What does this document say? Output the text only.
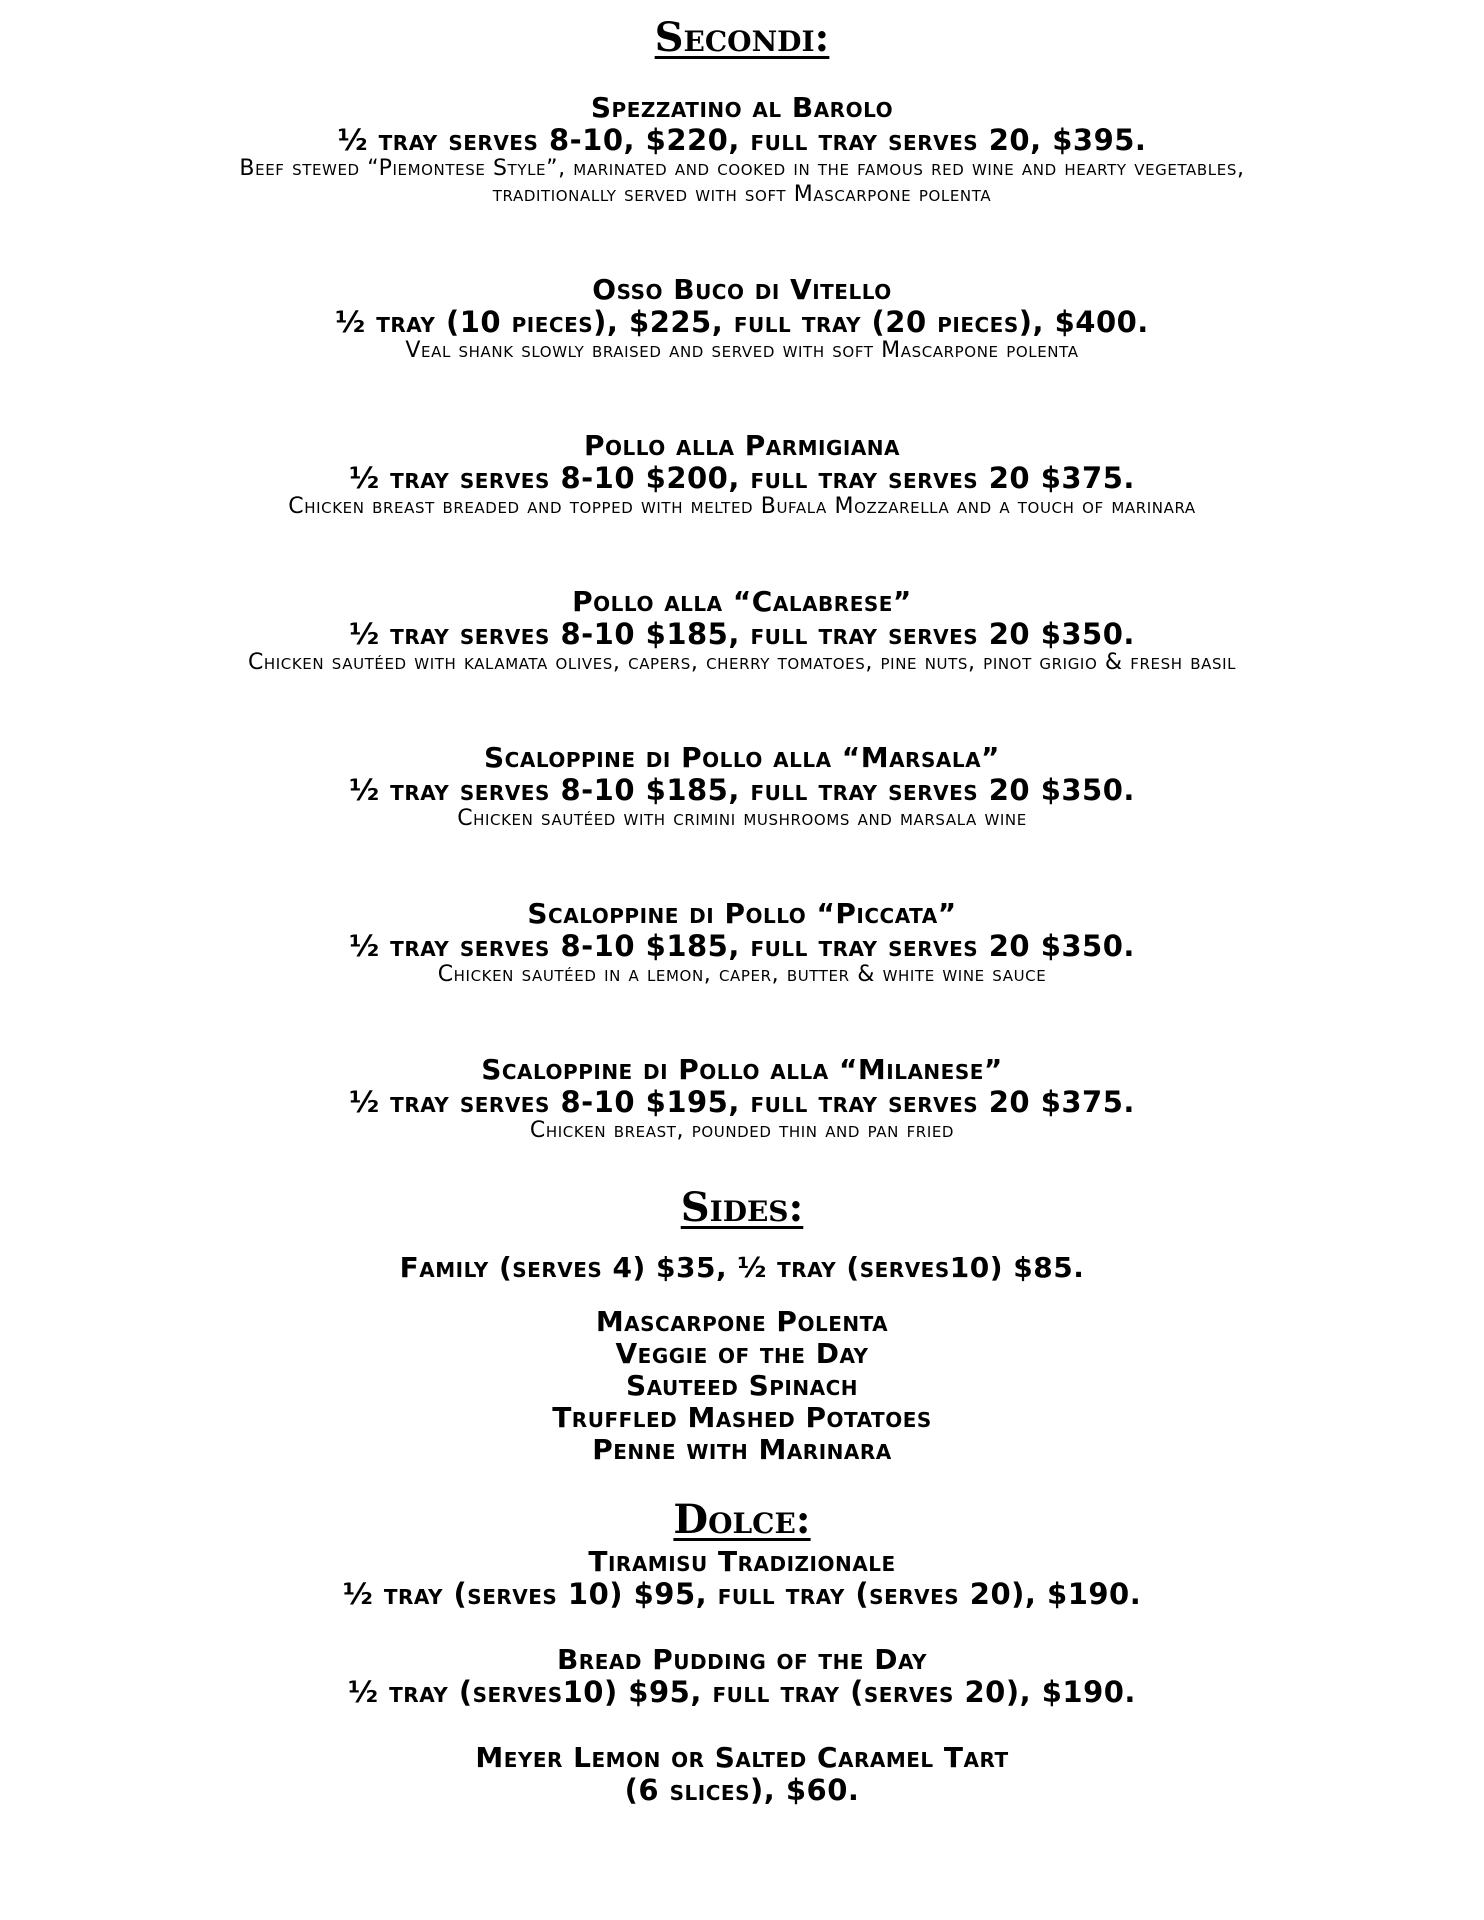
Secondi:

Spezzatino al Barolo

½ tray serves 8-10, $220, full tray serves 20, $395.

Beef stewed “Piemontese Style”, marinated and cooked in the famous red wine and hearty vegetables,

traditionally served with soft Mascarpone polenta

Osso Buco di Vitello

½ tray (10 pieces), $225, full tray (20 pieces), $400.

Veal shank slowly braised and served with soft Mascarpone polenta

Pollo alla Parmigiana

½ tray serves 8-10 $200, full tray serves 20 $375.

Chicken breast breaded and topped with melted Bufala Mozzarella and a touch of marinara

Pollo alla “Calabrese”

½ tray serves 8-10 $185, full tray serves 20 $350.

Chicken sautéed with kalamata olives, capers, cherry tomatoes, pine nuts, pinot grigio & fresh basil

Scaloppine di Pollo alla “Marsala”

½ tray serves 8-10 $185, full tray serves 20 $350.

Chicken sautéed with crimini mushrooms and marsala wine

Scaloppine di Pollo “Piccata”

½ tray serves 8-10 $185, full tray serves 20 $350.

Chicken sautéed in a lemon, caper, butter & white wine sauce

Scaloppine di Pollo alla “Milanese”

½ tray serves 8-10 $195, full tray serves 20 $375.

Chicken breast, pounded thin and pan fried

Sides:

Family (serves 4) $35, ½ tray (serves10) $85.

Mascarpone Polenta

Veggie of the Day

Sauteed Spinach

Truffled Mashed Potatoes

Penne with Marinara

Dolce:

Tiramisu Tradizionale

½ tray (serves 10) $95, full tray (serves 20), $190.

Bread Pudding of the Day

½ tray (serves10) $95, full tray (serves 20), $190.

Meyer Lemon or Salted Caramel Tart

(6 slices), $60.
